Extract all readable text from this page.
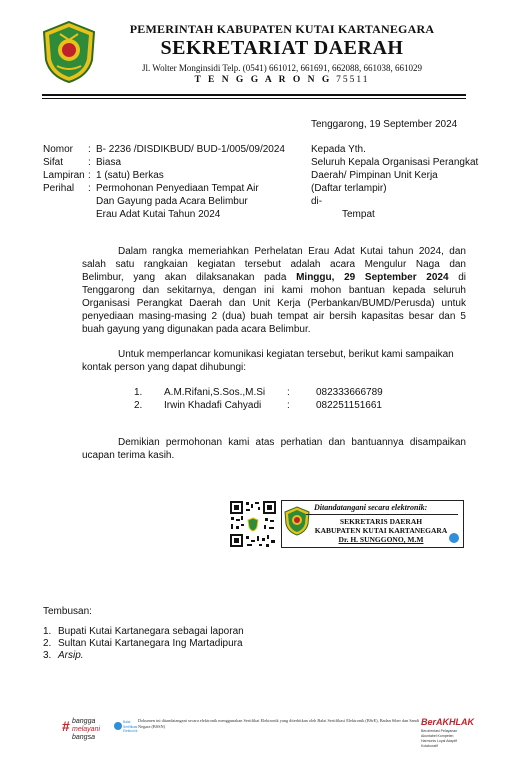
PEMERINTAH KABUPATEN KUTAI KARTANEGARA
SEKRETARIAT DAERAH
Jl. Wolter Monginsidi Telp. (0541) 661012, 661691, 662088, 661038, 661029
T E N G G A R O N G 75511
Tenggarong, 19 September 2024
Nomor : B- 2236 /DISDIKBUD/ BUD-1/005/09/2024
Sifat : Biasa
Lampiran : 1 (satu) Berkas
Perihal : Permohonan Penyediaan Tempat Air
Dan Gayung pada Acara Belimbur
Erau Adat Kutai Tahun 2024
Kepada Yth.
Seluruh Kepala Organisasi Perangkat
Daerah/ Pimpinan Unit Kerja
(Daftar terlampir)
di-
Tempat
Dalam rangka memeriahkan Perhelatan Erau Adat Kutai tahun 2024, dan
salah satu rangkaian kegiatan tersebut adalah acara Mengulur Naga dan
Belimbur, yang akan dilaksanakan pada Minggu, 29 September 2024 di
Tenggarong dan sekitarnya, dengan ini kami mohon bantuan kepada seluruh
Organisasi Perangkat Daerah dan Unit Kerja (Perbankan/BUMD/Perusda) untuk
penyediaan masing-masing 2 (dua) buah tempat air bersih kapasitas besar dan 5
buah gayung yang digunakan pada acara Belimbur.
Untuk memperlancar komunikasi kegiatan tersebut, berikut kami sampaikan
kontak person yang dapat dihubungi:
1. A.M.Rifani,S.Sos.,M.Si :	082333666789
2. Irwin Khadafi Cahyadi	:	082251151661
Demikian permohonan kami atas perhatian dan bantuannya disampaikan
ucapan terima kasih.
Ditandatangani secara elektronik:
SEKRETARIS DAERAH
KABUPATEN KUTAI KARTANEGARA
Dr. H. SUNGGONO, M.M
Tembusan:
1. Bupati Kutai Kartanegara sebagai laporan
2. Sultan Kutai Kartanegara Ing Martadipura
3. Arsip.
# bangga
melayani
bangsa
Balai Sertifikasi Elektronik
Dokumen ini ditandatangani secara elektronik menggunakan Sertifikat Elektronik yang diterbitkan oleh Balai Sertifikasi Elektronik (BSrE), Badan Siber dan Sandi Negara (BSSN)	BerAKHLAK
Berorientasi Pelayanan Akuntabel Kompeten Harmonis Loyal Adaptif Kolaboratif
